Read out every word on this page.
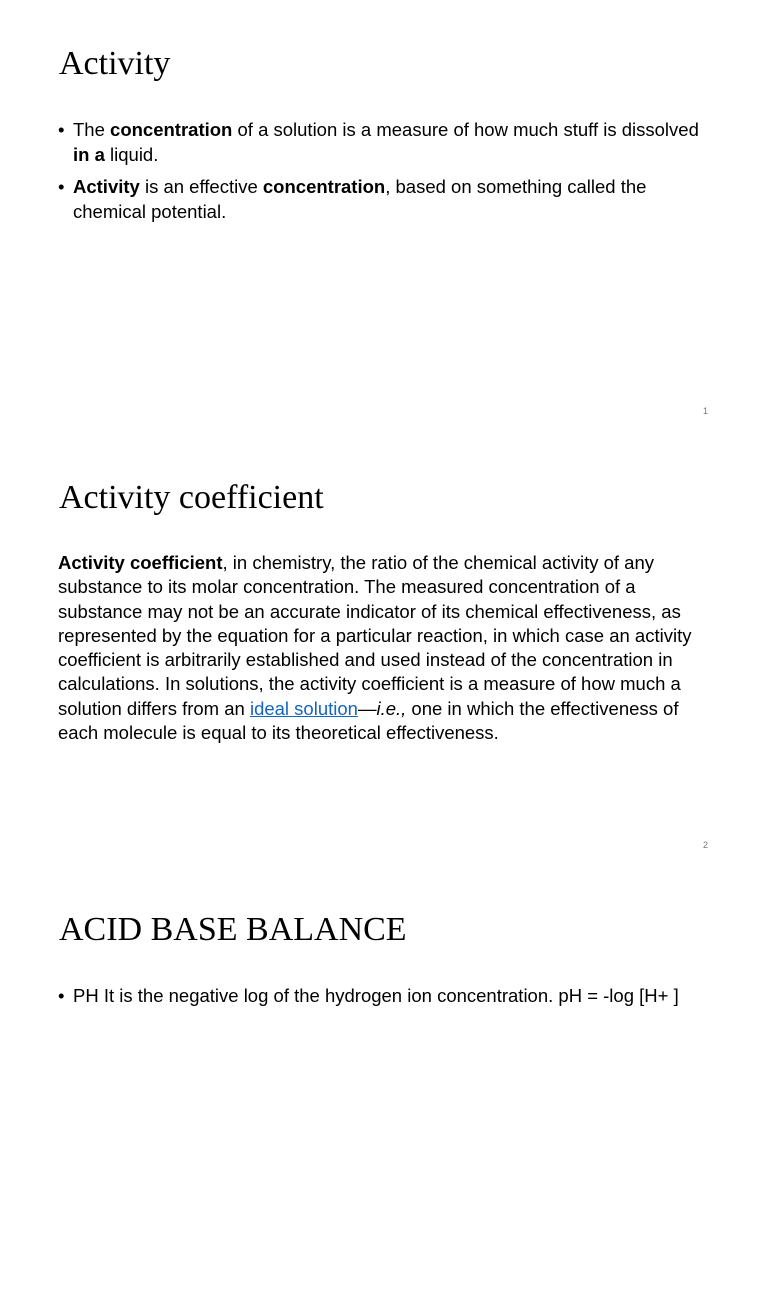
Activity
• The concentration of a solution is a measure of how much stuff is dissolved in a liquid.
• Activity is an effective concentration, based on something called the chemical potential.
1
Activity coefficient

Activity coefficient, in chemistry, the ratio of the chemical activity of any substance to its molar concentration. The measured concentration of a substance may not be an accurate indicator of its chemical effectiveness, as represented by the equation for a particular reaction, in which case an activity coefficient is arbitrarily established and used instead of the concentration in calculations. In solutions, the activity coefficient is a measure of how much a solution differs from an ideal solution—i.e., one in which the effectiveness of each molecule is equal to its theoretical effectiveness.

2
ACID BASE BALANCE
• PH It is the negative log of the hydrogen ion concentration. pH = -log [H+ ]
